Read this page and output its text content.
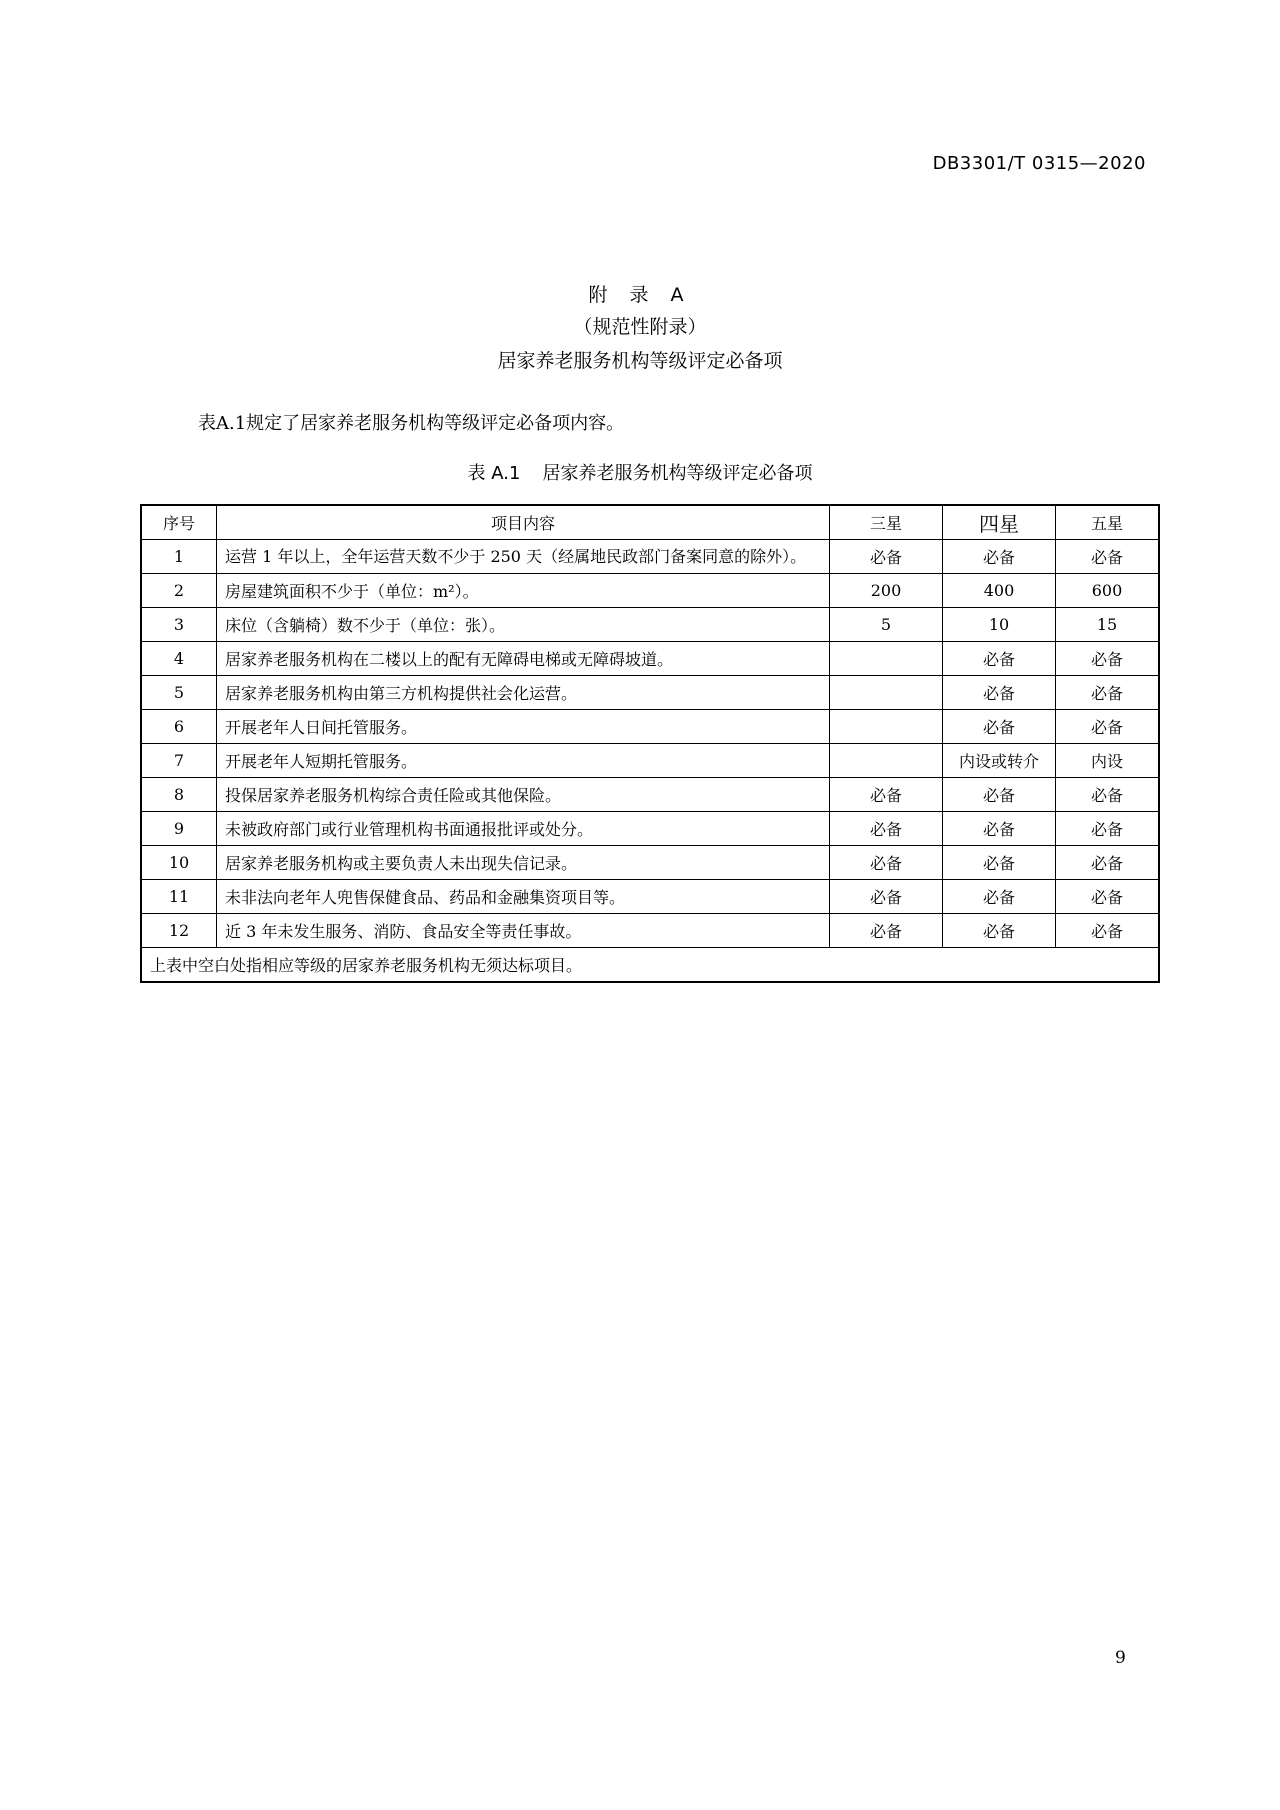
DB3301/T 0315—2020
附 录 A
（规范性附录）
居家养老服务机构等级评定必备项
表A.1规定了居家养老服务机构等级评定必备项内容。
表 A.1 居家养老服务机构等级评定必备项
序号	项目内容	三星	四星	五星
1	运营 1 年以上，全年运营天数不少于 250 天（经属地民政部门备案同意的除外）。	必备	必备	必备
2	房屋建筑面积不少于（单位：m²）。	200	400	600
3	床位（含躺椅）数不少于（单位：张）。	5	10	15
4	居家养老服务机构在二楼以上的配有无障碍电梯或无障碍坡道。		必备	必备
5	居家养老服务机构由第三方机构提供社会化运营。		必备	必备
6	开展老年人日间托管服务。		必备	必备
7	开展老年人短期托管服务。		内设或转介	内设
8	投保居家养老服务机构综合责任险或其他保险。	必备	必备	必备
9	未被政府部门或行业管理机构书面通报批评或处分。	必备	必备	必备
10	居家养老服务机构或主要负责人未出现失信记录。	必备	必备	必备
11	未非法向老年人兜售保健食品、药品和金融集资项目等。	必备	必备	必备
12	近 3 年未发生服务、消防、食品安全等责任事故。	必备	必备	必备
上表中空白处指相应等级的居家养老服务机构无须达标项目。				
9
